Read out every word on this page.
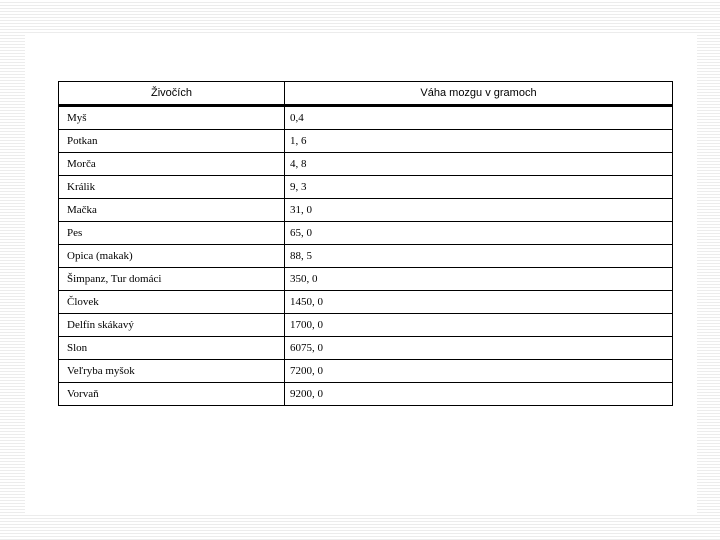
Živočích	Váha mozgu v gramoch
Myš	0,4
Potkan	1, 6
Morča	4, 8
Králik	9, 3
Mačka	31, 0
Pes	65, 0
Opica (makak)	88, 5
Šimpanz, Tur domáci	350, 0
Človek	1450, 0
Delfín skákavý	1700, 0
Slon	6075, 0
Veľryba myšok	7200, 0
Vorvaň	9200, 0
